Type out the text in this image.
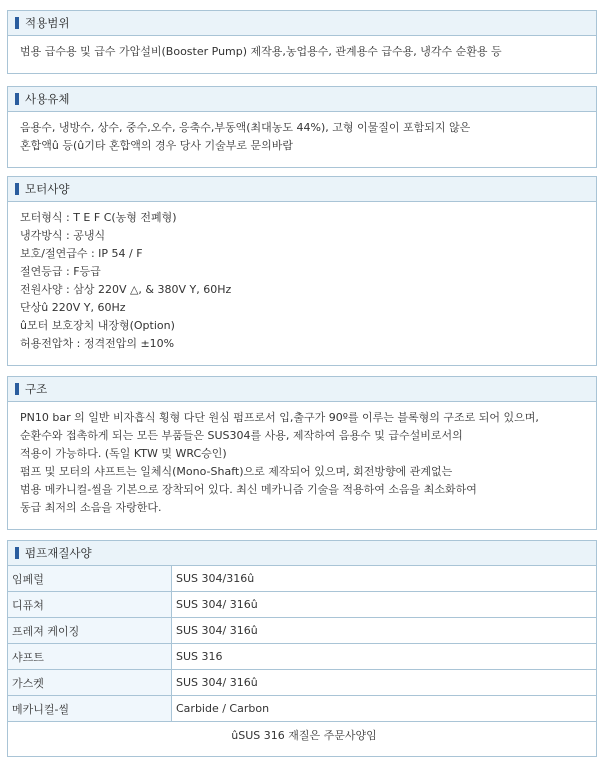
적용범위
범용 급수용 및 급수 가압설비(Booster Pump) 제작용,농업용수, 관계용수 급수용, 냉각수 순환용 등
사용유체
음용수, 냉방수, 상수, 중수,오수, 응축수,부동액(최대농도 44%), 고형 이물질이 포함되지 않은
혼합액û 등(û기타 혼합액의 경우 당사 기술부로 문의바람
모터사양
모터형식 : T E F C(농형 전폐형)
냉각방식 : 공냉식
보호/절연급수 : IP 54 / F
절연등급 : F등급
전원사양 : 삼상 220V △, & 380V Y, 60Hz
단상û 220V Y, 60Hz
û모터 보호장치 내장형(Option)
허용전압차 : 정격전압의 ±10%
구조
PN10 bar 의 일반 비자흡식 횡형 다단 원심 펌프로서 입,출구가 90º를 이루는 블록형의 구조로 되어 있으며,
순환수와 접촉하게 되는 모든 부품들은 SUS304를 사용, 제작하여 음용수 및 급수설비로서의
적용이 가능하다. (독일 KTW 및 WRC승인)
펌프 및 모터의 샤프트는 일체식(Mono-Shaft)으로 제작되어 있으며, 회전방향에 관계없는
범용 메카니컬-씰을 기본으로 장착되어 있다. 최신 메카니즘 기술을 적용하여 소음을 최소화하여
동급 최저의 소음을 자랑한다.
펌프재질사양
임페럴	SUS 304/316û
디퓨쳐	SUS 304/ 316û
프레져 케이징	SUS 304/ 316û
샤프트	SUS 316
가스켓	SUS 304/ 316û
메카니컬-씰	Carbide / Carbon
ûSUS 316 재질은 주문사양임	
